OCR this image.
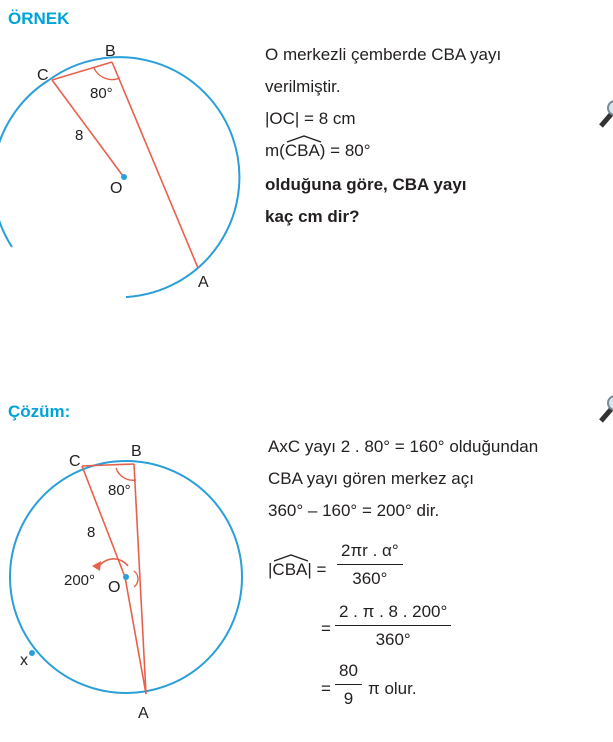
ÖRNEK
B
C
O
A
80°
8
O merkezli çemberde CBA yayı
verilmiştir.
|OC| = 8 cm
m(
CBA) = 80°
olduğuna göre, CBA yayı
kaç cm dir?
Çözüm:
B
C
O
A
x
80°
8
200°
AxC yayı 2 . 80° = 160° olduğundan
CBA yayı gören merkez açı
360° – 160° = 200° dir.
|
$CBA| = \frac{2\pi r . \alpha^\circ}{360^\circ}$
= $\frac{2 . \pi . 8 . 200^\circ}{360^\circ}$
= $\frac{80}{9}$ π olur.
